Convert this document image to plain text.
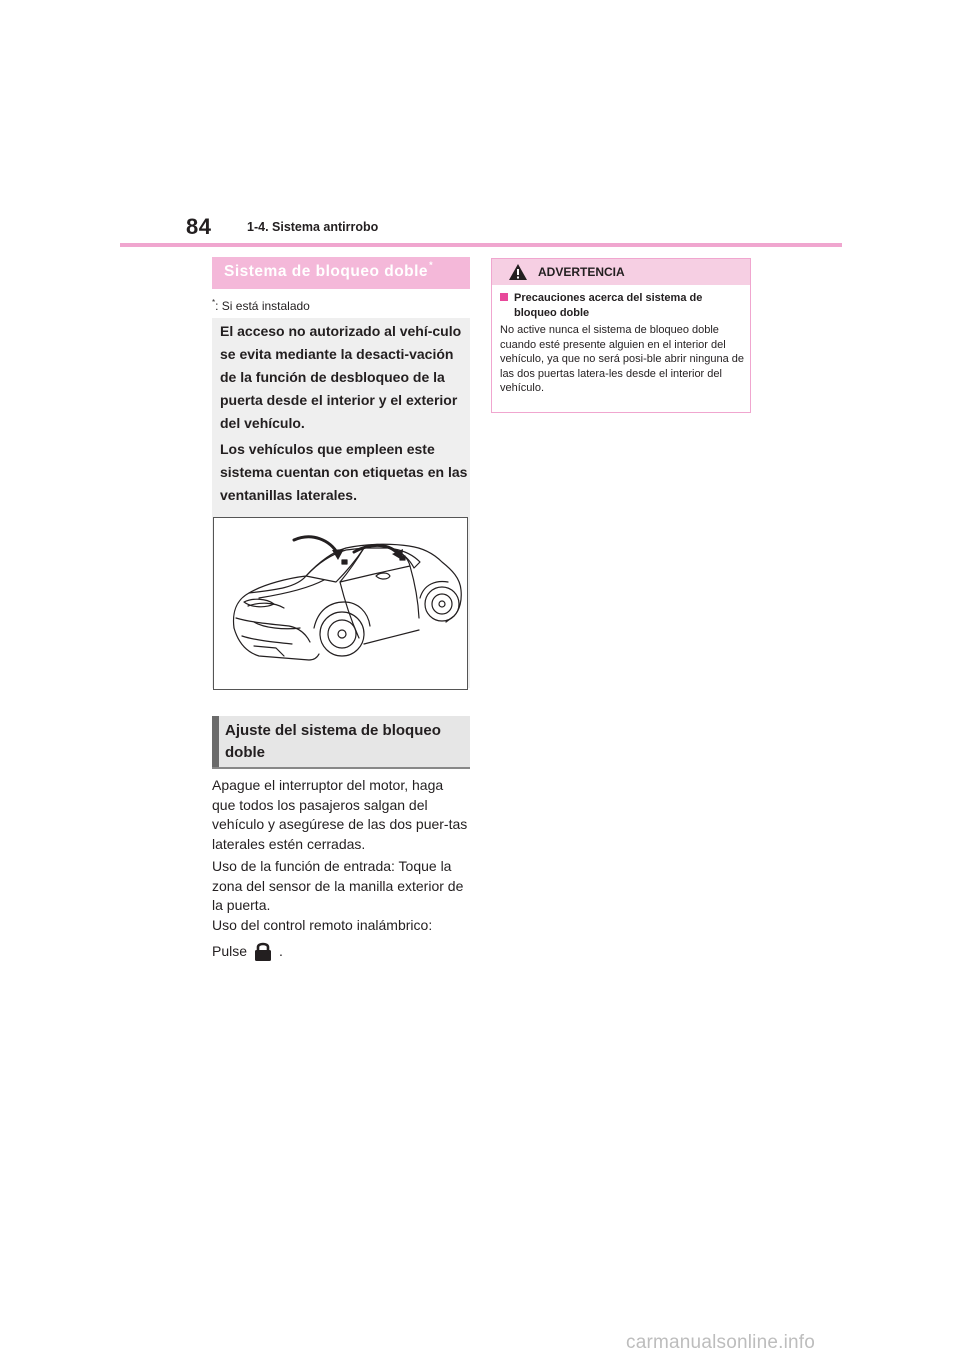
84	1-4. Sistema antirrobo
Sistema de bloqueo doble*
*: Si está instalado

El acceso no autorizado al vehí-culo se evita mediante la desacti-vación de la función de desbloqueo de la puerta desde el interior y el exterior del vehículo.

Los vehículos que empleen este sistema cuentan con etiquetas en las ventanillas laterales.

Ajuste del sistema de bloqueo doble

Apague el interruptor del motor, haga que todos los pasajeros salgan del vehículo y asegúrese de las dos puer-tas laterales estén cerradas.

Uso de la función de entrada: Toque la zona del sensor de la manilla exterior de la puerta.
Uso del control remoto inalámbrico:
Pulse .
ADVERTENCIA
Precauciones acerca del sistema de
bloqueo doble

No active nunca el sistema de bloqueo doble cuando esté presente alguien en el interior del vehículo, ya que no será posi-ble abrir ninguna de las dos puertas latera-les desde el interior del vehículo.

carmanualsonline.info
